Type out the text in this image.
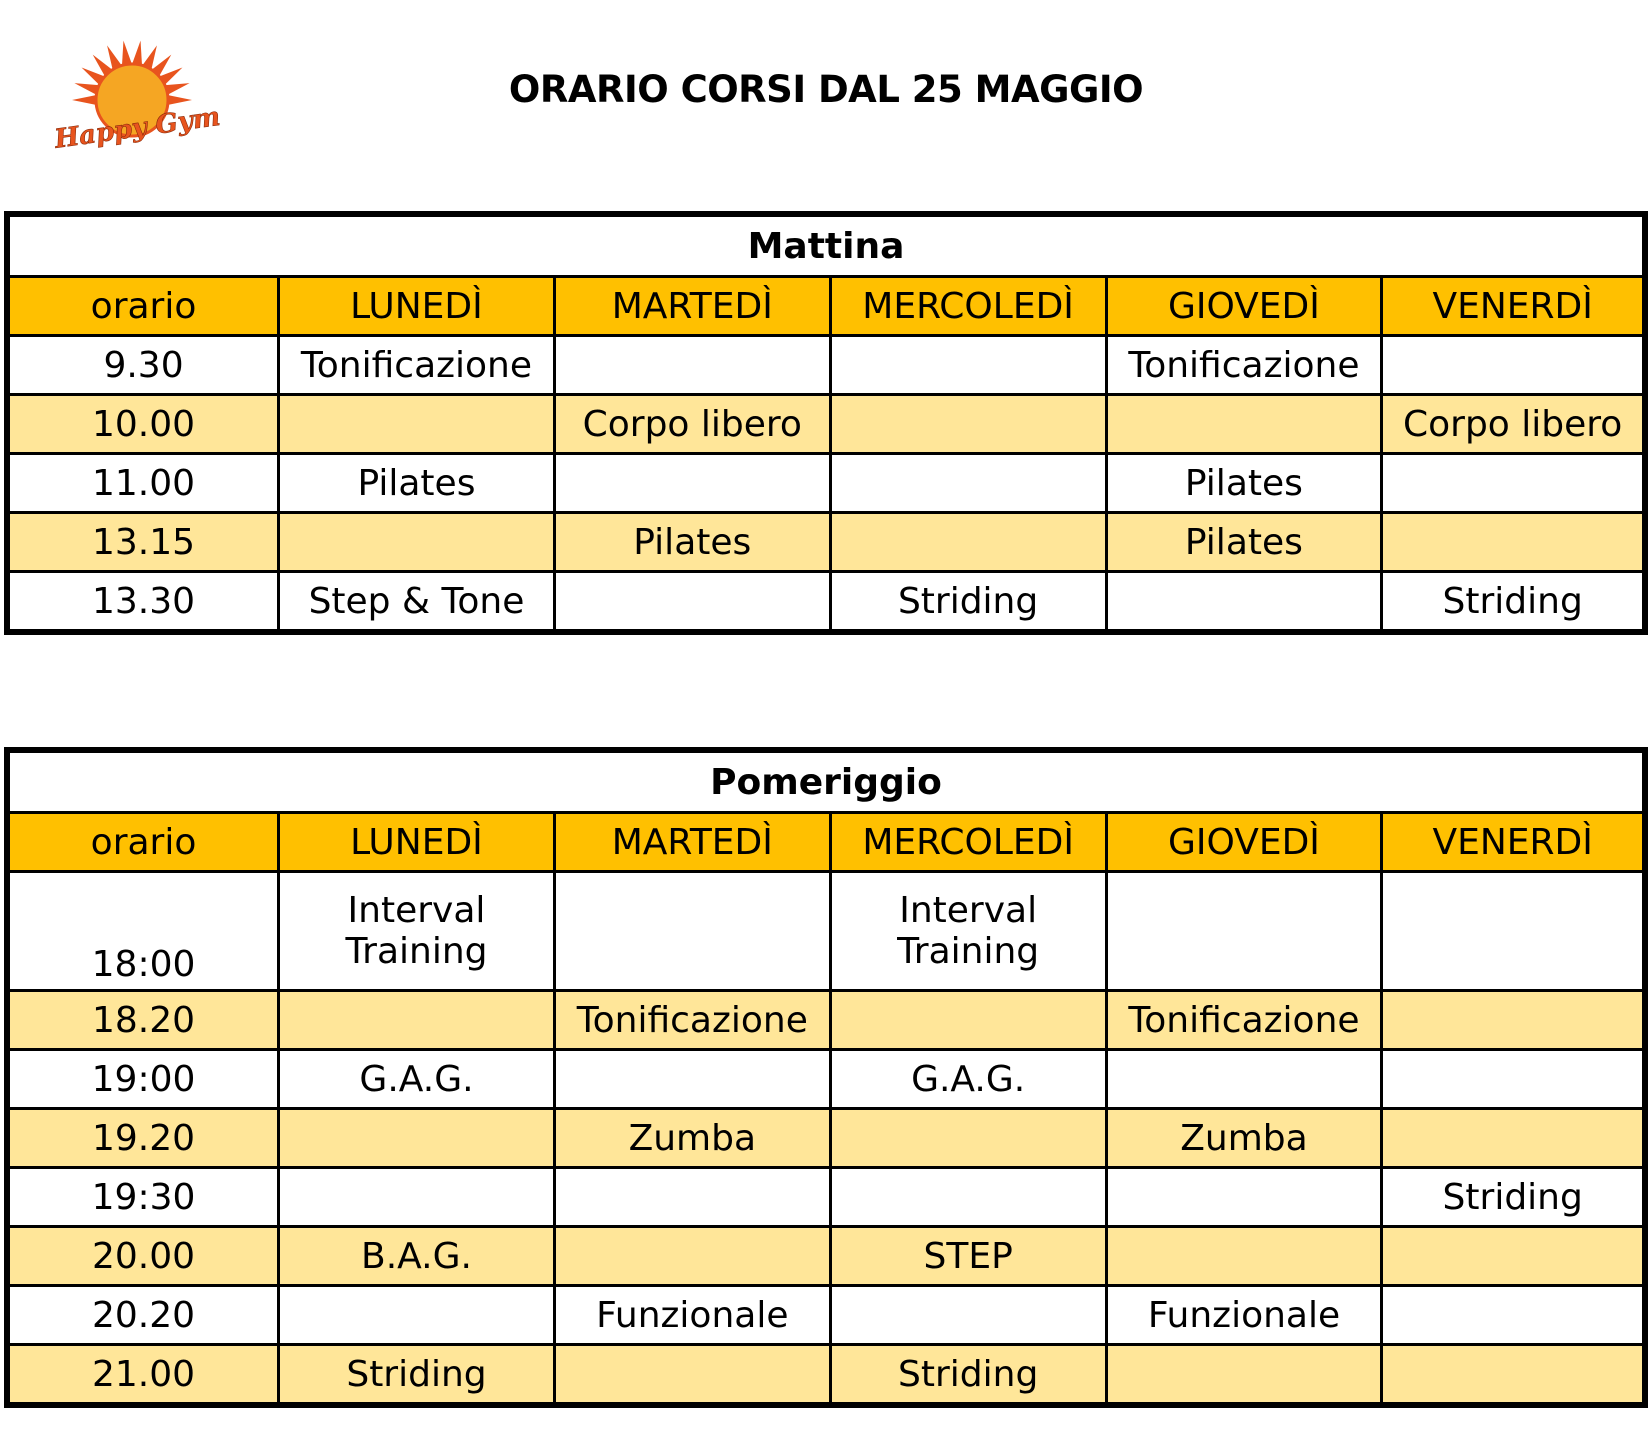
Happy Gym
ORARIO CORSI DAL 25 MAGGIO
Mattina					
orario	LUNEDÌ	MARTEDÌ	MERCOLEDÌ	GIOVEDÌ	VENERDÌ
9.30	Tonificazione			Tonificazione	
10.00		Corpo libero			Corpo libero
11.00	Pilates			Pilates	
13.15		Pilates		Pilates	
13.30	Step & Tone		Striding		Striding
Pomeriggio					
orario	LUNEDÌ	MARTEDÌ	MERCOLEDÌ	GIOVEDÌ	VENERDÌ
18:00	Interval Training		Interval Training		
18.20		Tonificazione		Tonificazione	
19:00	G.A.G.		G.A.G.		
19.20		Zumba		Zumba	
19:30					Striding
20.00	B.A.G.		STEP		
20.20		Funzionale		Funzionale	
21.00	Striding		Striding		
